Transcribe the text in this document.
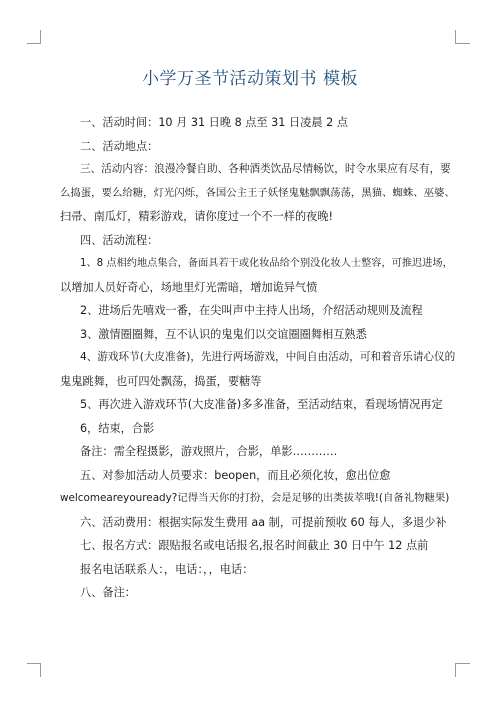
小学万圣节活动策划书 模板

一、活动时间：10 月 31 日晚 8 点至 31 日凌晨 2 点

二、活动地点：

三、活动内容：浪漫冷餐自助、各种酒类饮品尽情畅饮，时令水果应有尽有，要

么捣蛋，要么给糖，灯光闪烁，各国公主王子妖怪鬼魅飘飘荡荡，黑猫、蜘蛛、巫婆、

扫帚、南瓜灯，精彩游戏，请你度过一个不一样的夜晚!

四、活动流程：

1、8 点相约地点集合，备面具若干或化妆品给个别没化妆人士整容，可推迟进场，

以增加人员好奇心，场地里灯光需暗，增加诡异气愤

2、进场后先嘻戏一番，在尖叫声中主持人出场，介绍活动规则及流程

3、激情圈圈舞，互不认识的鬼鬼们以交谊圈圈舞相互熟悉

4、游戏环节(大皮准备)，先进行两场游戏，中间自由活动，可和着音乐请心仪的

鬼鬼跳舞，也可四处飘荡，捣蛋，要糖等

5、再次进入游戏环节(大皮准备)多多准备，至活动结束，看现场情况再定

6，结束，合影

备注：需全程摄影，游戏照片，合影，单影…………

五、对参加活动人员要求：beopen，而且必须化妆，愈出位愈

welcomeareyouready?记得当天你的打扮，会是足够的出类拔萃哦!(自备礼物糖果)

六、活动费用：根据实际发生费用 aa 制，可提前预收 60 每人，多退少补

七、报名方式：跟贴报名或电话报名,报名时间截止 30 日中午 12 点前

报名电话联系人：，电话：，，电话：

八、备注：
